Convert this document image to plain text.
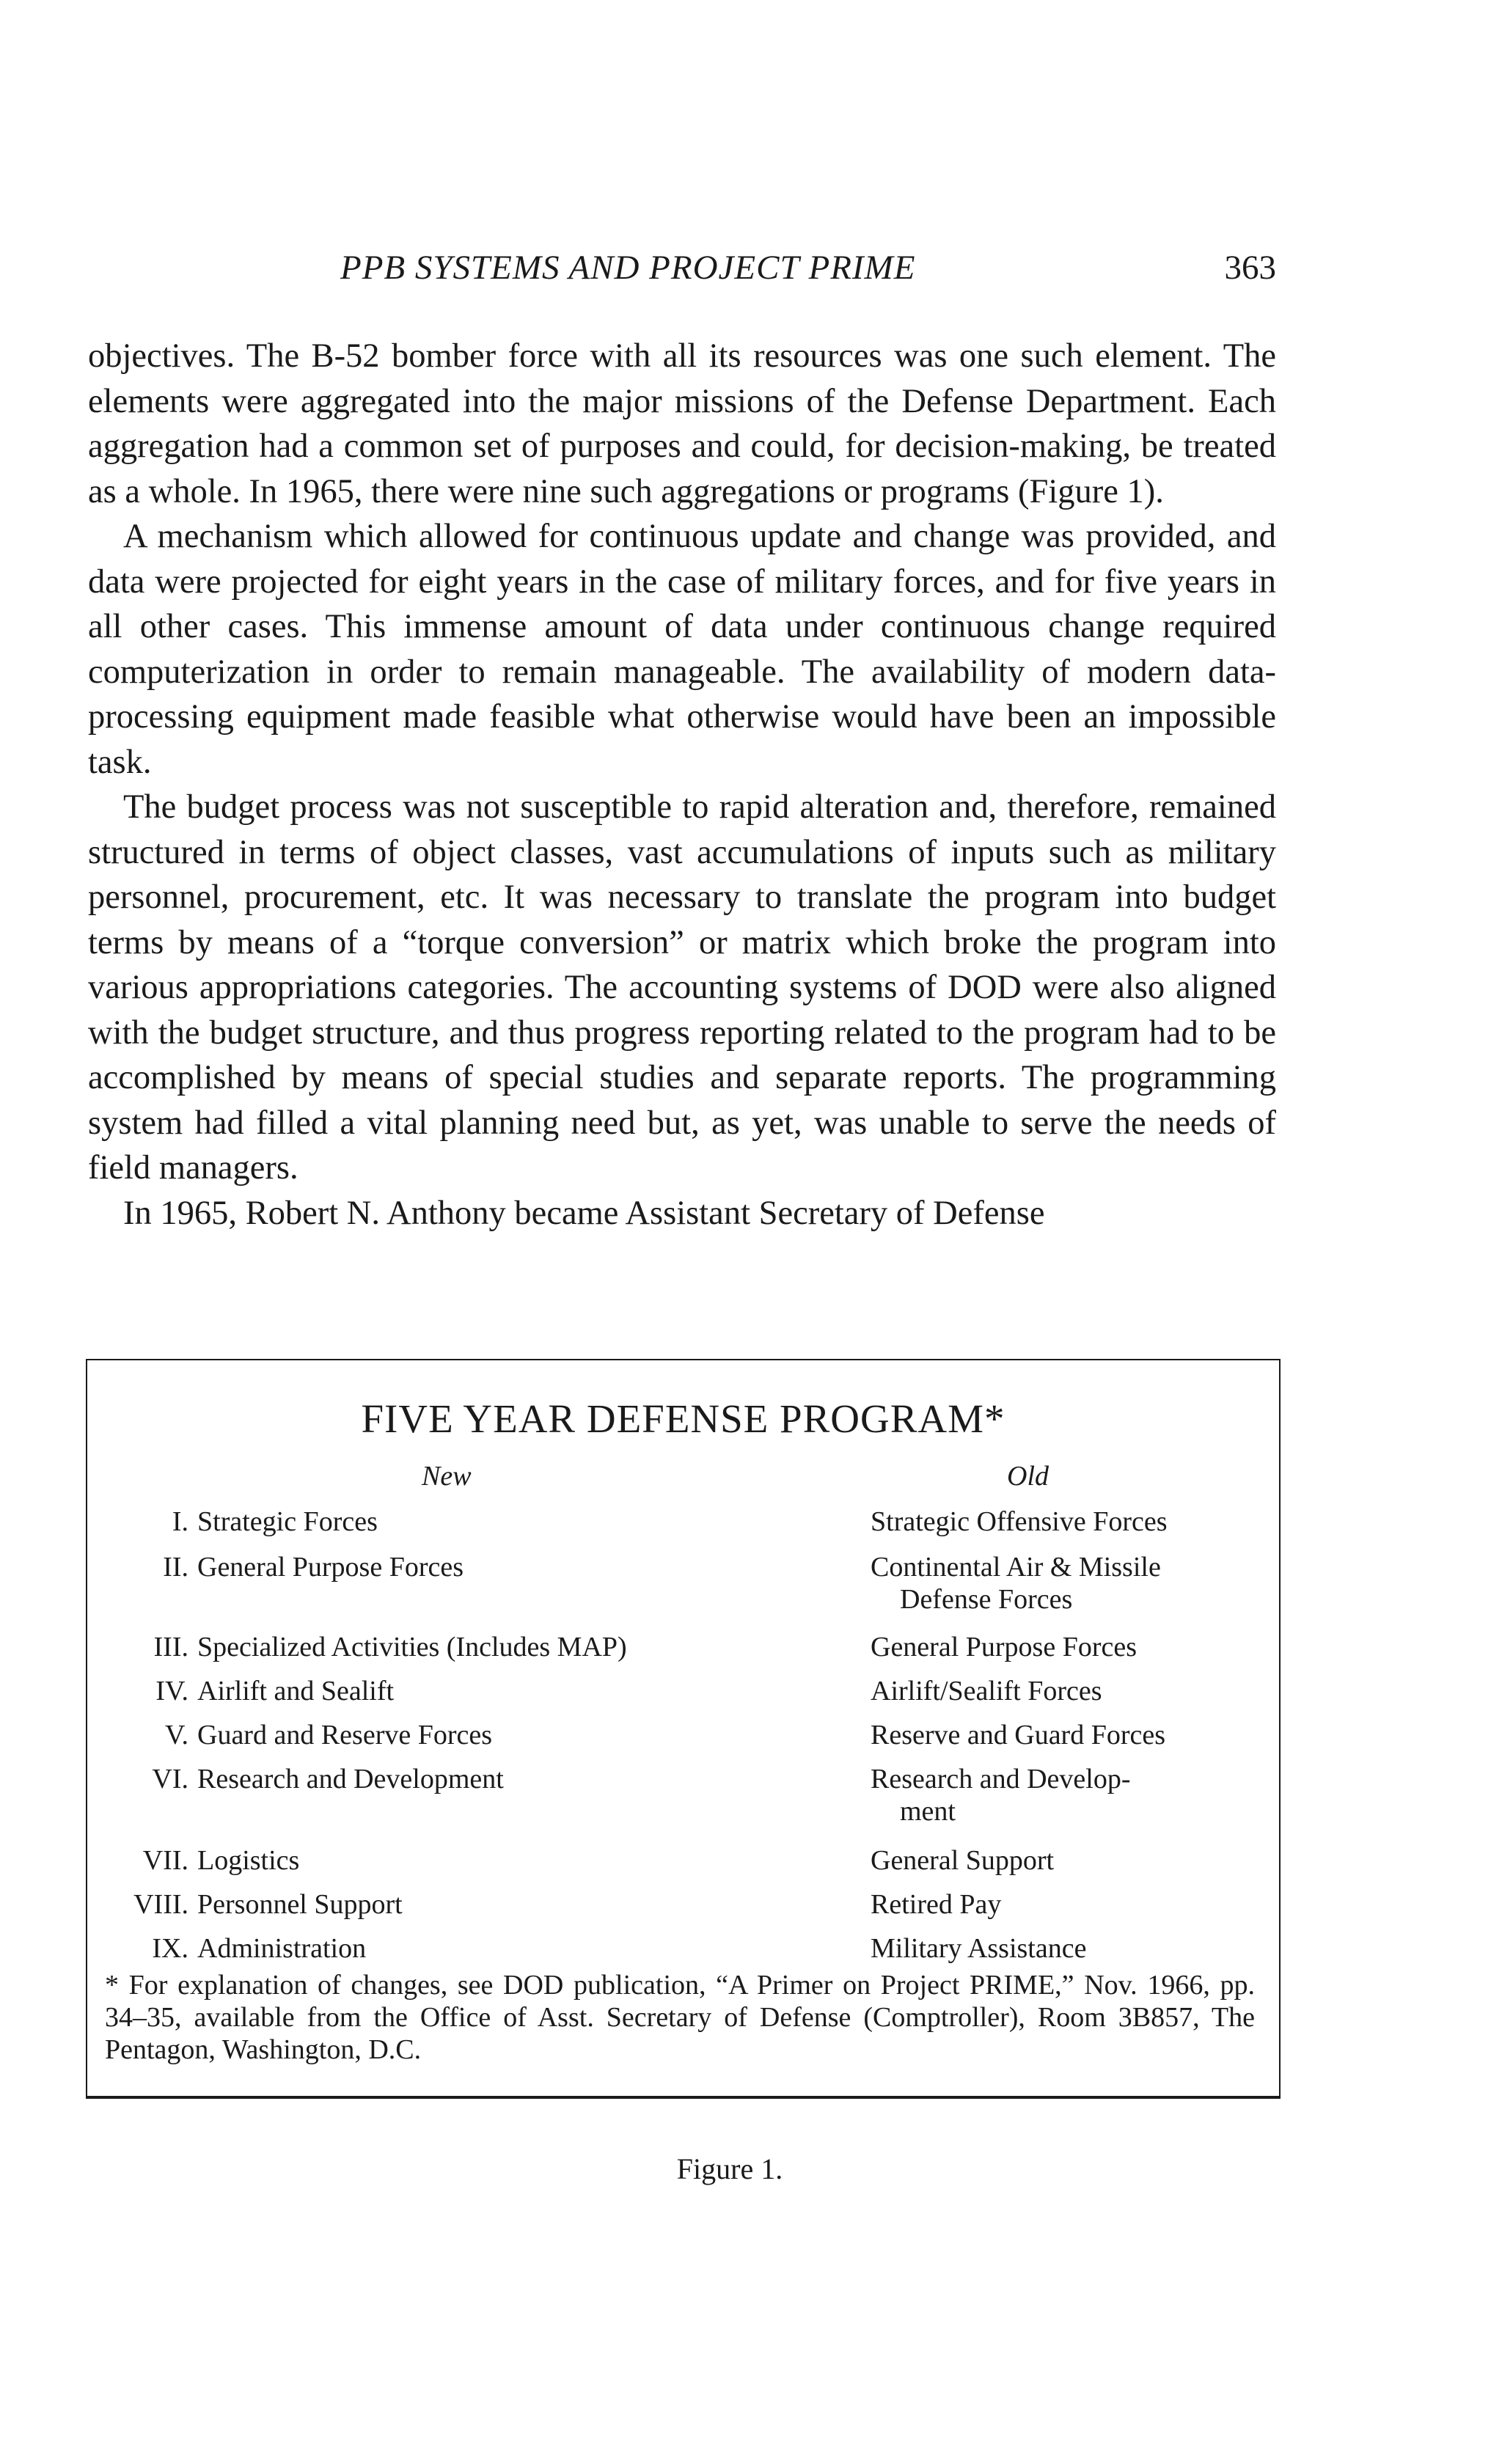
PPB SYSTEMS AND PROJECT PRIME	363

objectives. The B-52 bomber force with all its resources was one such element. The elements were aggregated into the major missions of the Defense Department. Each aggregation had a common set of purposes and could, for decision-making, be treated as a whole. In 1965, there were nine such aggregations or programs (Figure 1).

A mechanism which allowed for continuous update and change was provided, and data were projected for eight years in the case of military forces, and for five years in all other cases. This immense amount of data under continuous change required computerization in order to remain manageable. The availability of modern data-processing equipment made feasible what otherwise would have been an impossible task.

The budget process was not susceptible to rapid alteration and, therefore, remained structured in terms of object classes, vast accumulations of inputs such as military personnel, procurement, etc. It was necessary to translate the program into budget terms by means of a “torque conversion” or matrix which broke the program into various appropriations categories. The accounting systems of DOD were also aligned with the budget structure, and thus progress reporting related to the program had to be accomplished by means of special studies and separate reports. The programming system had filled a vital planning need but, as yet, was unable to serve the needs of field managers.

In 1965, Robert N. Anthony became Assistant Secretary of Defense

FIVE YEAR DEFENSE PROGRAM*
New	Old
I. Strategic Forces	Strategic Offensive Forces
II. General Purpose Forces	Continental Air & Missile
Defense Forces
III. Specialized Activities (Includes MAP)	General Purpose Forces
IV. Airlift and Sealift	Airlift/Sealift Forces
V. Guard and Reserve Forces	Reserve and Guard Forces
VI. Research and Development	Research and Develop-
ment
VII. Logistics	General Support
VIII. Personnel Support	Retired Pay
IX. Administration	Military Assistance
* For explanation of changes, see DOD publication, “A Primer on Project PRIME,” Nov. 1966, pp. 34–35, available from the Office of Asst. Secretary of Defense (Comptroller), Room 3B857, The Pentagon, Washington, D.C.
Figure 1.
